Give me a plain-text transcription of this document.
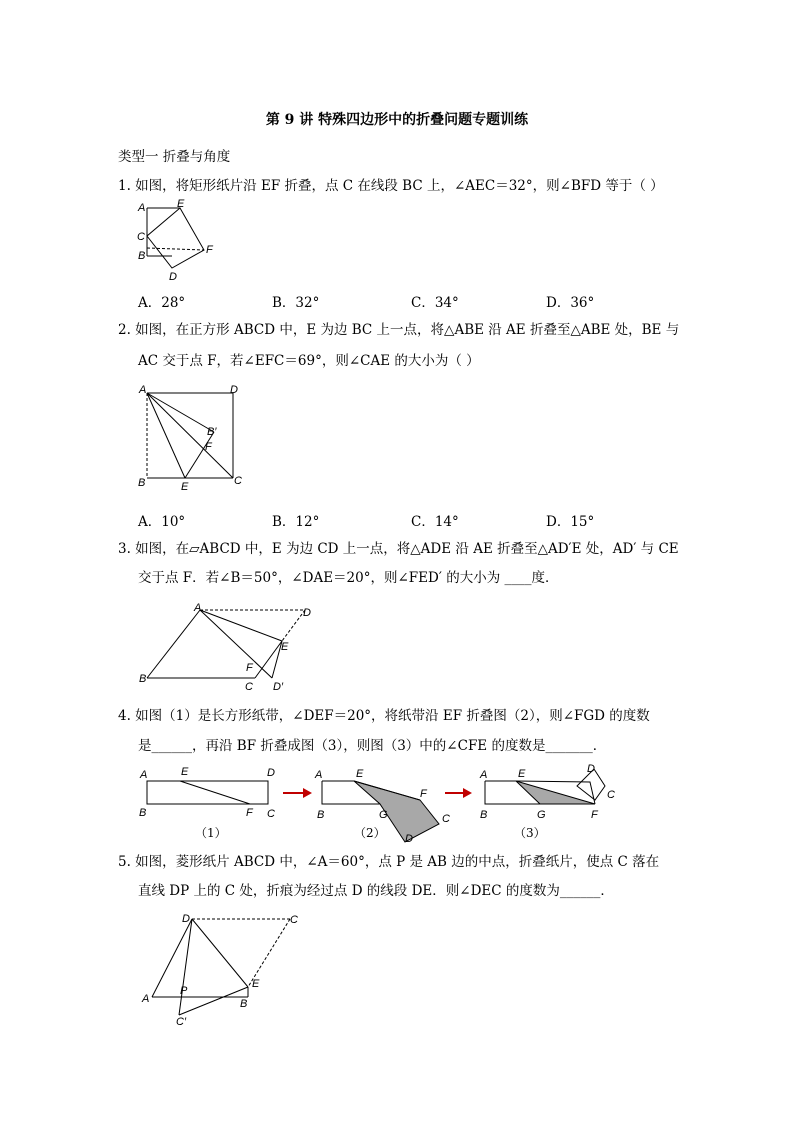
第 9 讲 特殊四边形中的折叠问题专题训练
类型一 折叠与角度
1. 如图，将矩形纸片沿 EF 折叠，点 C 在线段 BC 上，∠AEC＝32°，则∠BFD 等于（ ）
A	E
C
F
B
D
A．28°	B．32°	C．34°	D．36°
2. 如图，在正方形 ABCD 中，E 为边 BC 上一点，将△ABE 沿 AE 折叠至△ABE 处，BE 与
AC 交于点 F，若∠EFC＝69°，则∠CAE 的大小为（ ）
A	D
B′
F
B	E	C
A．10°	B．12°	C．14°	D．15°
3. 如图，在▱ABCD 中，E 为边 CD 上一点，将△ADE 沿 AE 折叠至△AD′E 处，AD′ 与 CE
交于点 F．若∠B＝50°，∠DAE＝20°，则∠FED′ 的大小为 ____度．
A	D
E
F
B
C D′
4. 如图（1）是长方形纸带，∠DEF＝20°，将纸带沿 EF 折叠图（2），则∠FGD 的度数
是______，再沿 BF 折叠成图（3），则图（3）中的∠CFE 的度数是_______．
A	E	D
B	F C
A	E
F
C
B	G
D
A	E	D
C
B	G	F
（1）	（2）	（3）
5. 如图，菱形纸片 ABCD 中，∠A＝60°，点 P 是 AB 边的中点，折叠纸片，使点 C 落在
直线 DP 上的 C 处，折痕为经过点 D 的线段 DE．则∠DEC 的度数为______．
D	C
E
P
A	B
C′
